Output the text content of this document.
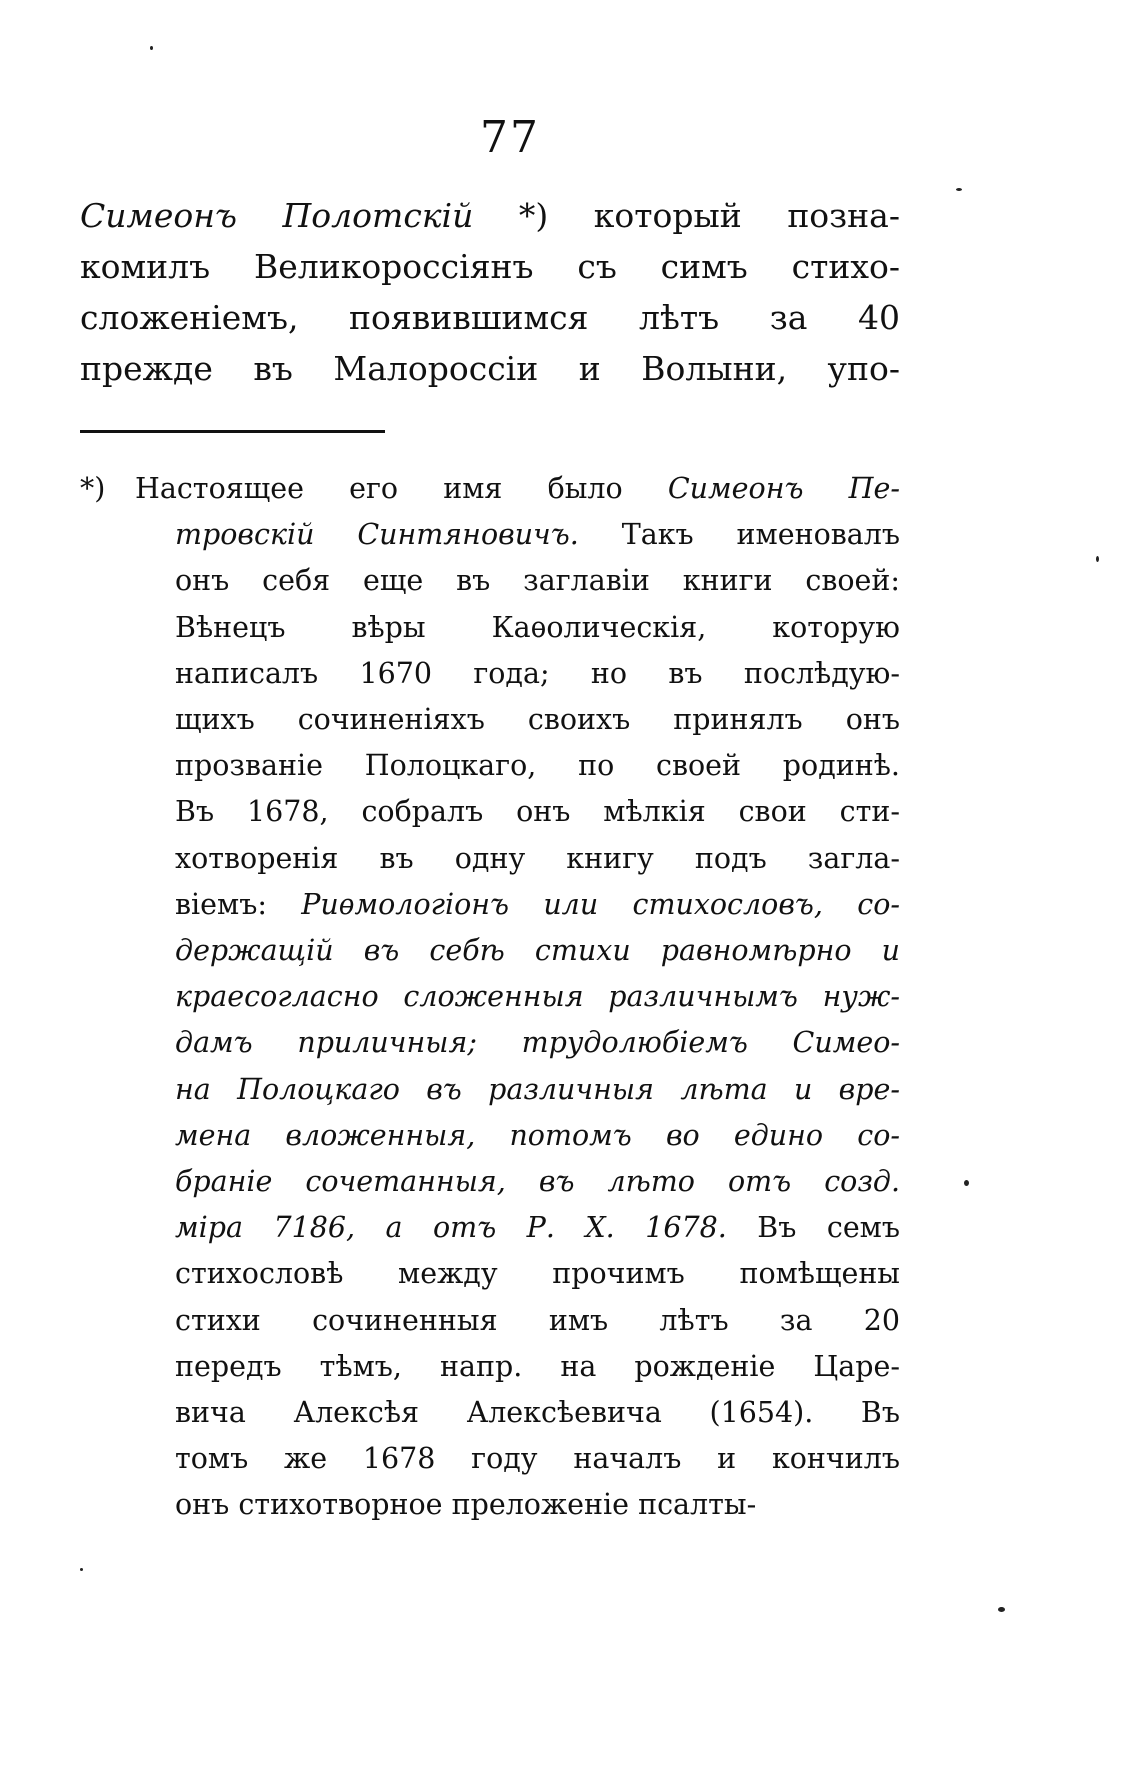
77
Симеонъ Полотскій *) который позна-
комилъ Великороссіянъ съ симъ стихо-
сложеніемъ, появившимся лѣтъ за 40
прежде въ Малороссіи и Волыни, упо-
*) Настоящее его имя было Симеонъ Пе-
тровскій Синтяновичъ. Такъ именовалъ
онъ себя еще въ заглавіи книги своей:
Вѣнецъ вѣры Каѳолическія, которую
написалъ 1670 года; но въ послѣдую-
щихъ сочиненіяхъ своихъ принялъ онъ
прозваніе Полоцкаго, по своей родинѣ.
Въ 1678, собралъ онъ мѣлкія свои сти-
хотворенія въ одну книгу подъ загла-
віемъ: Риѳмологіонъ или стихословъ, со-
держащій въ себѣ стихи равномѣрно и
краесогласно сложенныя различнымъ нуж-
дамъ приличныя; трудолюбіемъ Симео-
на Полоцкаго въ различныя лѣта и вре-
мена вложенныя, потомъ во едино со-
браніе сочетанныя, въ лѣто отъ созд.
міра 7186, а отъ Р. Х. 1678. Въ семъ
стихословѣ между прочимъ помѣщены
стихи сочиненныя имъ лѣтъ за 20
передъ тѣмъ, напр. на рожденіе Царе-
вича Алексѣя Алексѣевича (1654). Въ
томъ же 1678 году началъ и кончилъ
онъ стихотворное преложеніе псалты-
